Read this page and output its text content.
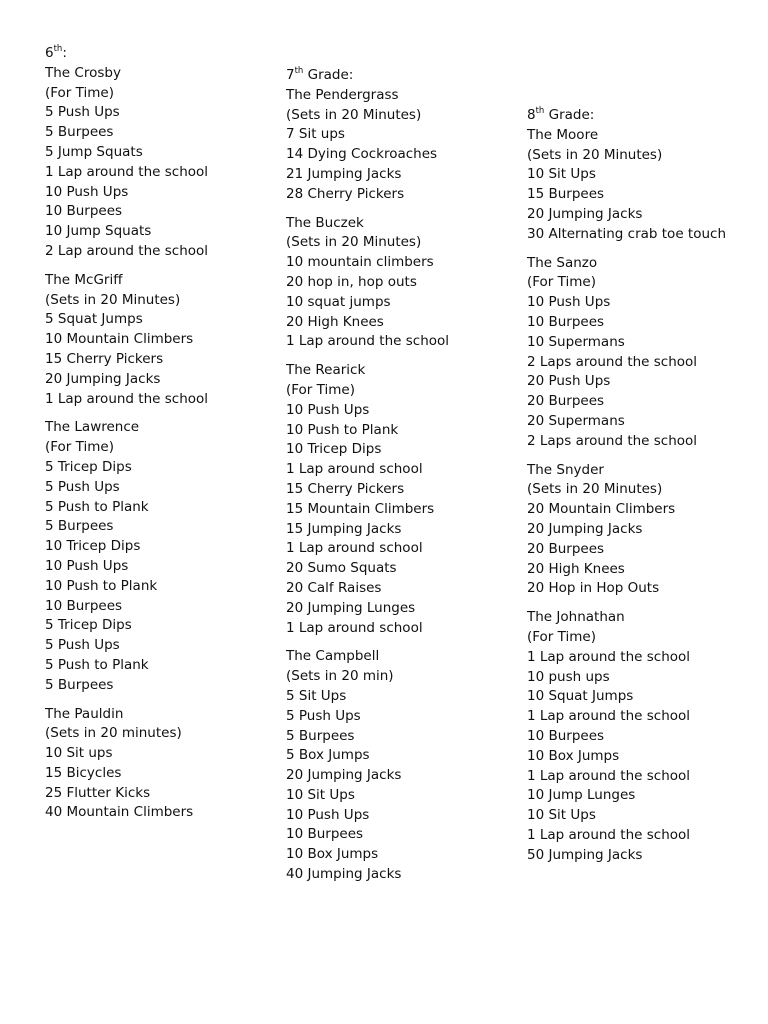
6th:
The Crosby
(For Time)
5 Push Ups
5 Burpees
5 Jump Squats
1 Lap around the school
10 Push Ups
10 Burpees
10 Jump Squats
2 Lap around the school
The McGriff
(Sets in 20 Minutes)
5 Squat Jumps
10 Mountain Climbers
15 Cherry Pickers
20 Jumping Jacks
1 Lap around the school
The Lawrence
(For Time)
5 Tricep Dips
5 Push Ups
5 Push to Plank
5 Burpees
10 Tricep Dips
10 Push Ups
10 Push to Plank
10 Burpees
5 Tricep Dips
5 Push Ups
5 Push to Plank
5 Burpees
The Pauldin
(Sets in 20 minutes)
10 Sit ups
15 Bicycles
25 Flutter Kicks
40 Mountain Climbers
7th Grade:
The Pendergrass
(Sets in 20 Minutes)
7 Sit ups
14 Dying Cockroaches
21 Jumping Jacks
28 Cherry Pickers
The Buczek
(Sets in 20 Minutes)
10 mountain climbers
20 hop in, hop outs
10 squat jumps
20 High Knees
1 Lap around the school
The Rearick
(For Time)
10 Push Ups
10 Push to Plank
10 Tricep Dips
1 Lap around school
15 Cherry Pickers
15 Mountain Climbers
15 Jumping Jacks
1 Lap around school
20 Sumo Squats
20 Calf Raises
20 Jumping Lunges
1 Lap around school
The Campbell
(Sets in 20 min)
5 Sit Ups
5 Push Ups
5 Burpees
5 Box Jumps
20 Jumping Jacks
10 Sit Ups
10 Push Ups
10 Burpees
10 Box Jumps
40 Jumping Jacks
8th Grade:
The Moore
(Sets in 20 Minutes)
10 Sit Ups
15 Burpees
20 Jumping Jacks
30 Alternating crab toe touch
The Sanzo
(For Time)
10 Push Ups
10 Burpees
10 Supermans
2 Laps around the school
20 Push Ups
20 Burpees
20 Supermans
2 Laps around the school
The Snyder
(Sets in 20 Minutes)
20 Mountain Climbers
20 Jumping Jacks
20 Burpees
20 High Knees
20 Hop in Hop Outs
The Johnathan
(For Time)
1 Lap around the school
10 push ups
10 Squat Jumps
1 Lap around the school
10 Burpees
10 Box Jumps
1 Lap around the school
10 Jump Lunges
10 Sit Ups
1 Lap around the school
50 Jumping Jacks
